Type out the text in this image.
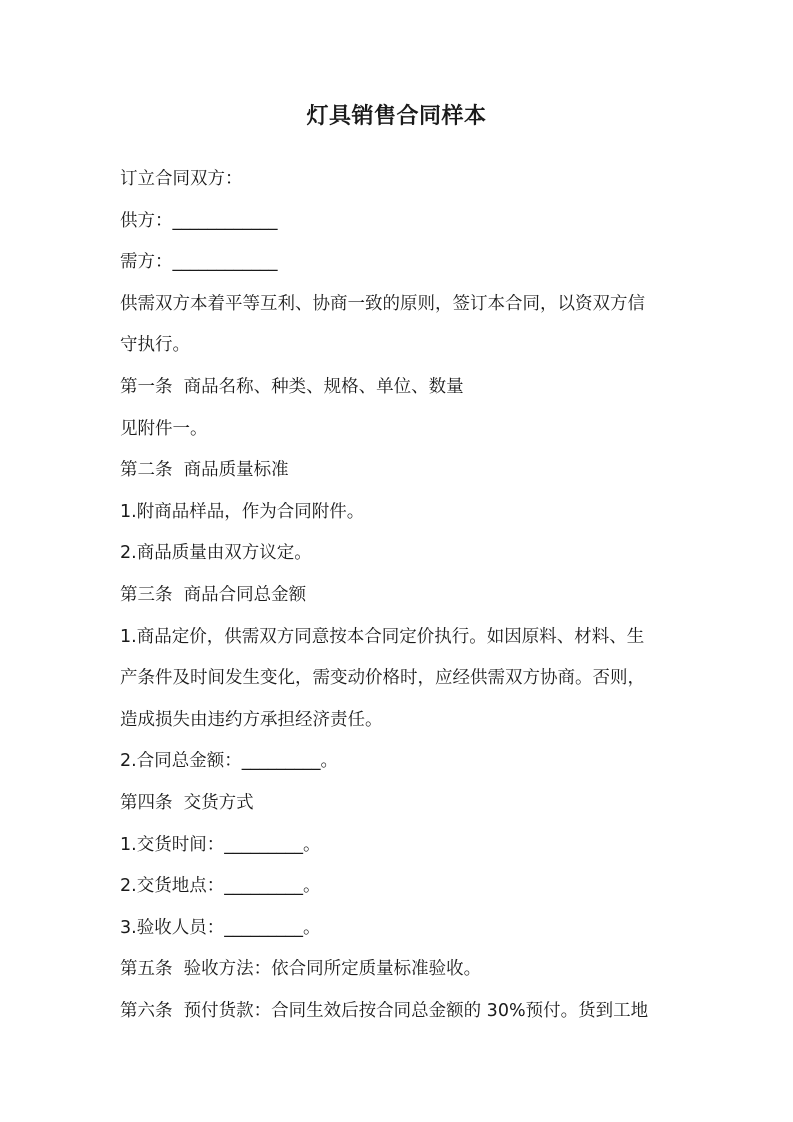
灯具销售合同样本

订立合同双方：

供方：____________

需方：____________

供需双方本着平等互利、协商一致的原则，签订本合同，以资双方信

守执行。

第一条  商品名称、种类、规格、单位、数量

见附件一。

第二条  商品质量标准

1.附商品样品，作为合同附件。

2.商品质量由双方议定。

第三条  商品合同总金额

1.商品定价，供需双方同意按本合同定价执行。如因原料、材料、生

产条件及时间发生变化，需变动价格时，应经供需双方协商。否则，

造成损失由违约方承担经济责任。

2.合同总金额：_________。

第四条  交货方式

1.交货时间：_________。

2.交货地点：_________。

3.验收人员：_________。

第五条  验收方法：依合同所定质量标准验收。

第六条  预付货款：合同生效后按合同总金额的 30%预付。货到工地
